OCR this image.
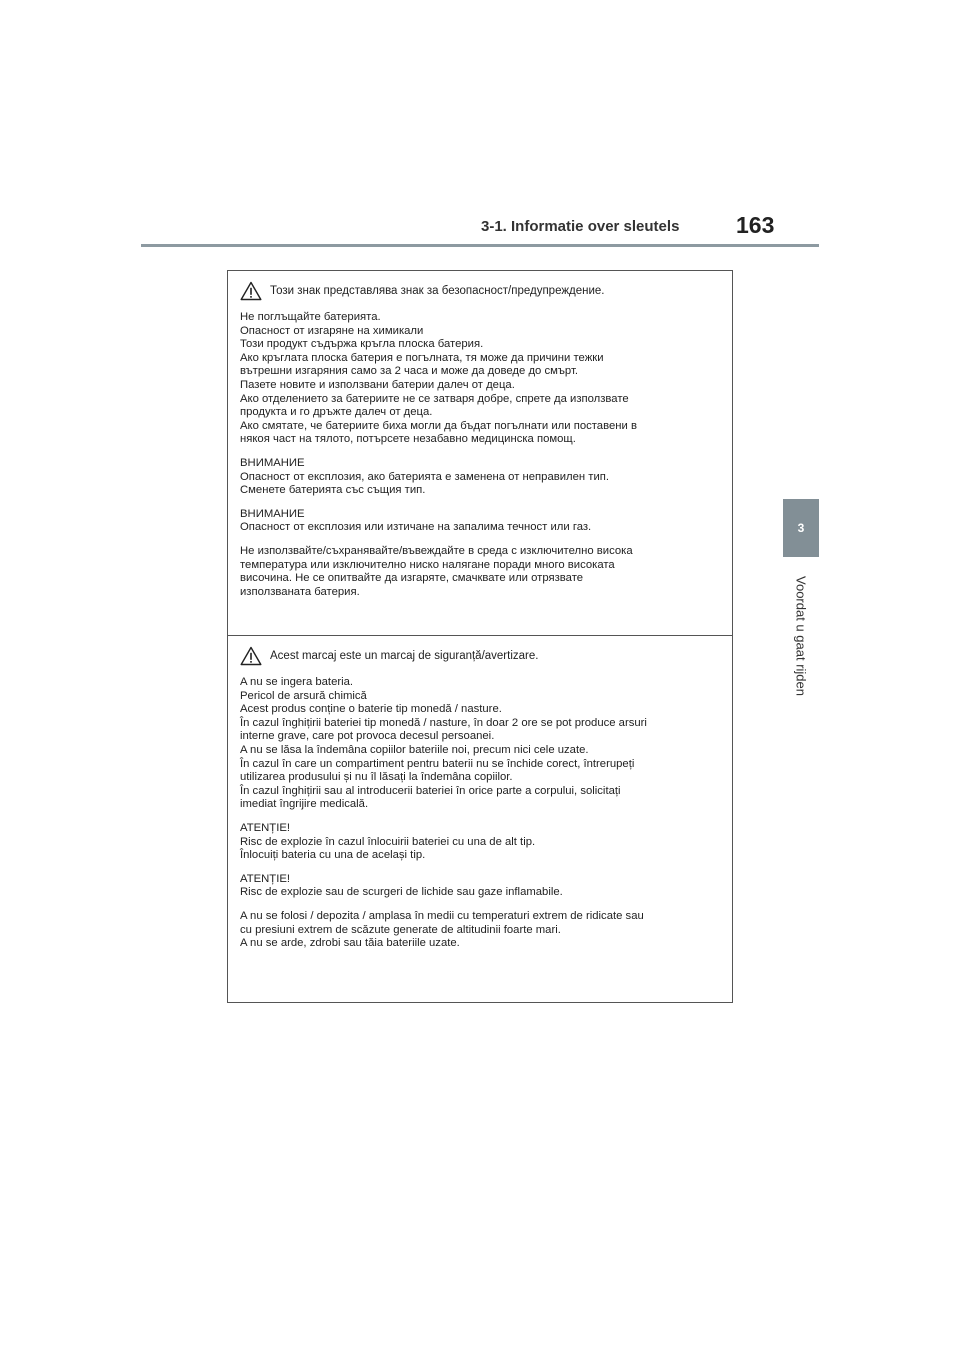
3-1. Informatie over sleutels 163
3
Voordat u gaat rijden
Този знак представлява знак за безопасност/предупреждение.
Не поглъщайте батерията.
Опасност от изгаряне на химикали
Този продукт съдържа кръгла плоска батерия.
Ако кръглата плоска батерия е погълната, тя може да причини тежки
вътрешни изгаряния само за 2 часа и може да доведе до смърт.
Пазете новите и използвани батерии далеч от деца.
Ако отделението за батериите не се затваря добре, спрете да използвате
продукта и го дръжте далеч от деца.
Ако смятате, че батериите биха могли да бъдат погълнати или поставени в
някоя част на тялото, потърсете незабавно медицинска помощ.
ВНИМАНИЕ
Опасност от експлозия, ако батерията е заменена от неправилен тип.
Сменете батерията със същия тип.
ВНИМАНИЕ
Опасност от експлозия или изтичане на запалима течност или газ.
Не използвайте/съхранявайте/въвеждайте в среда с изключително висока
температура или изключително ниско налягане поради много високата
височина. Не се опитвайте да изгаряте, смачквате или отрязвате
използваната батерия.
Acest marcaj este un marcaj de siguranță/avertizare.
A nu se ingera bateria.
Pericol de arsură chimică
Acest produs conține o baterie tip monedă / nasture.
În cazul înghițirii bateriei tip monedă / nasture, în doar 2 ore se pot produce arsuri
interne grave, care pot provoca decesul persoanei.
A nu se lăsa la îndemâna copiilor bateriile noi, precum nici cele uzate.
În cazul în care un compartiment pentru baterii nu se închide corect, întrerupeți
utilizarea produsului și nu îl lăsați la îndemâna copiilor.
În cazul înghițirii sau al introducerii bateriei în orice parte a corpului, solicitați
imediat îngrijire medicală.
ATENȚIE!
Risc de explozie în cazul înlocuirii bateriei cu una de alt tip.
Înlocuiți bateria cu una de același tip.
ATENȚIE!
Risc de explozie sau de scurgeri de lichide sau gaze inflamabile.
A nu se folosi / depozita / amplasa în medii cu temperaturi extrem de ridicate sau
cu presiuni extrem de scăzute generate de altitudinii foarte mari.
A nu se arde, zdrobi sau tăia bateriile uzate.
